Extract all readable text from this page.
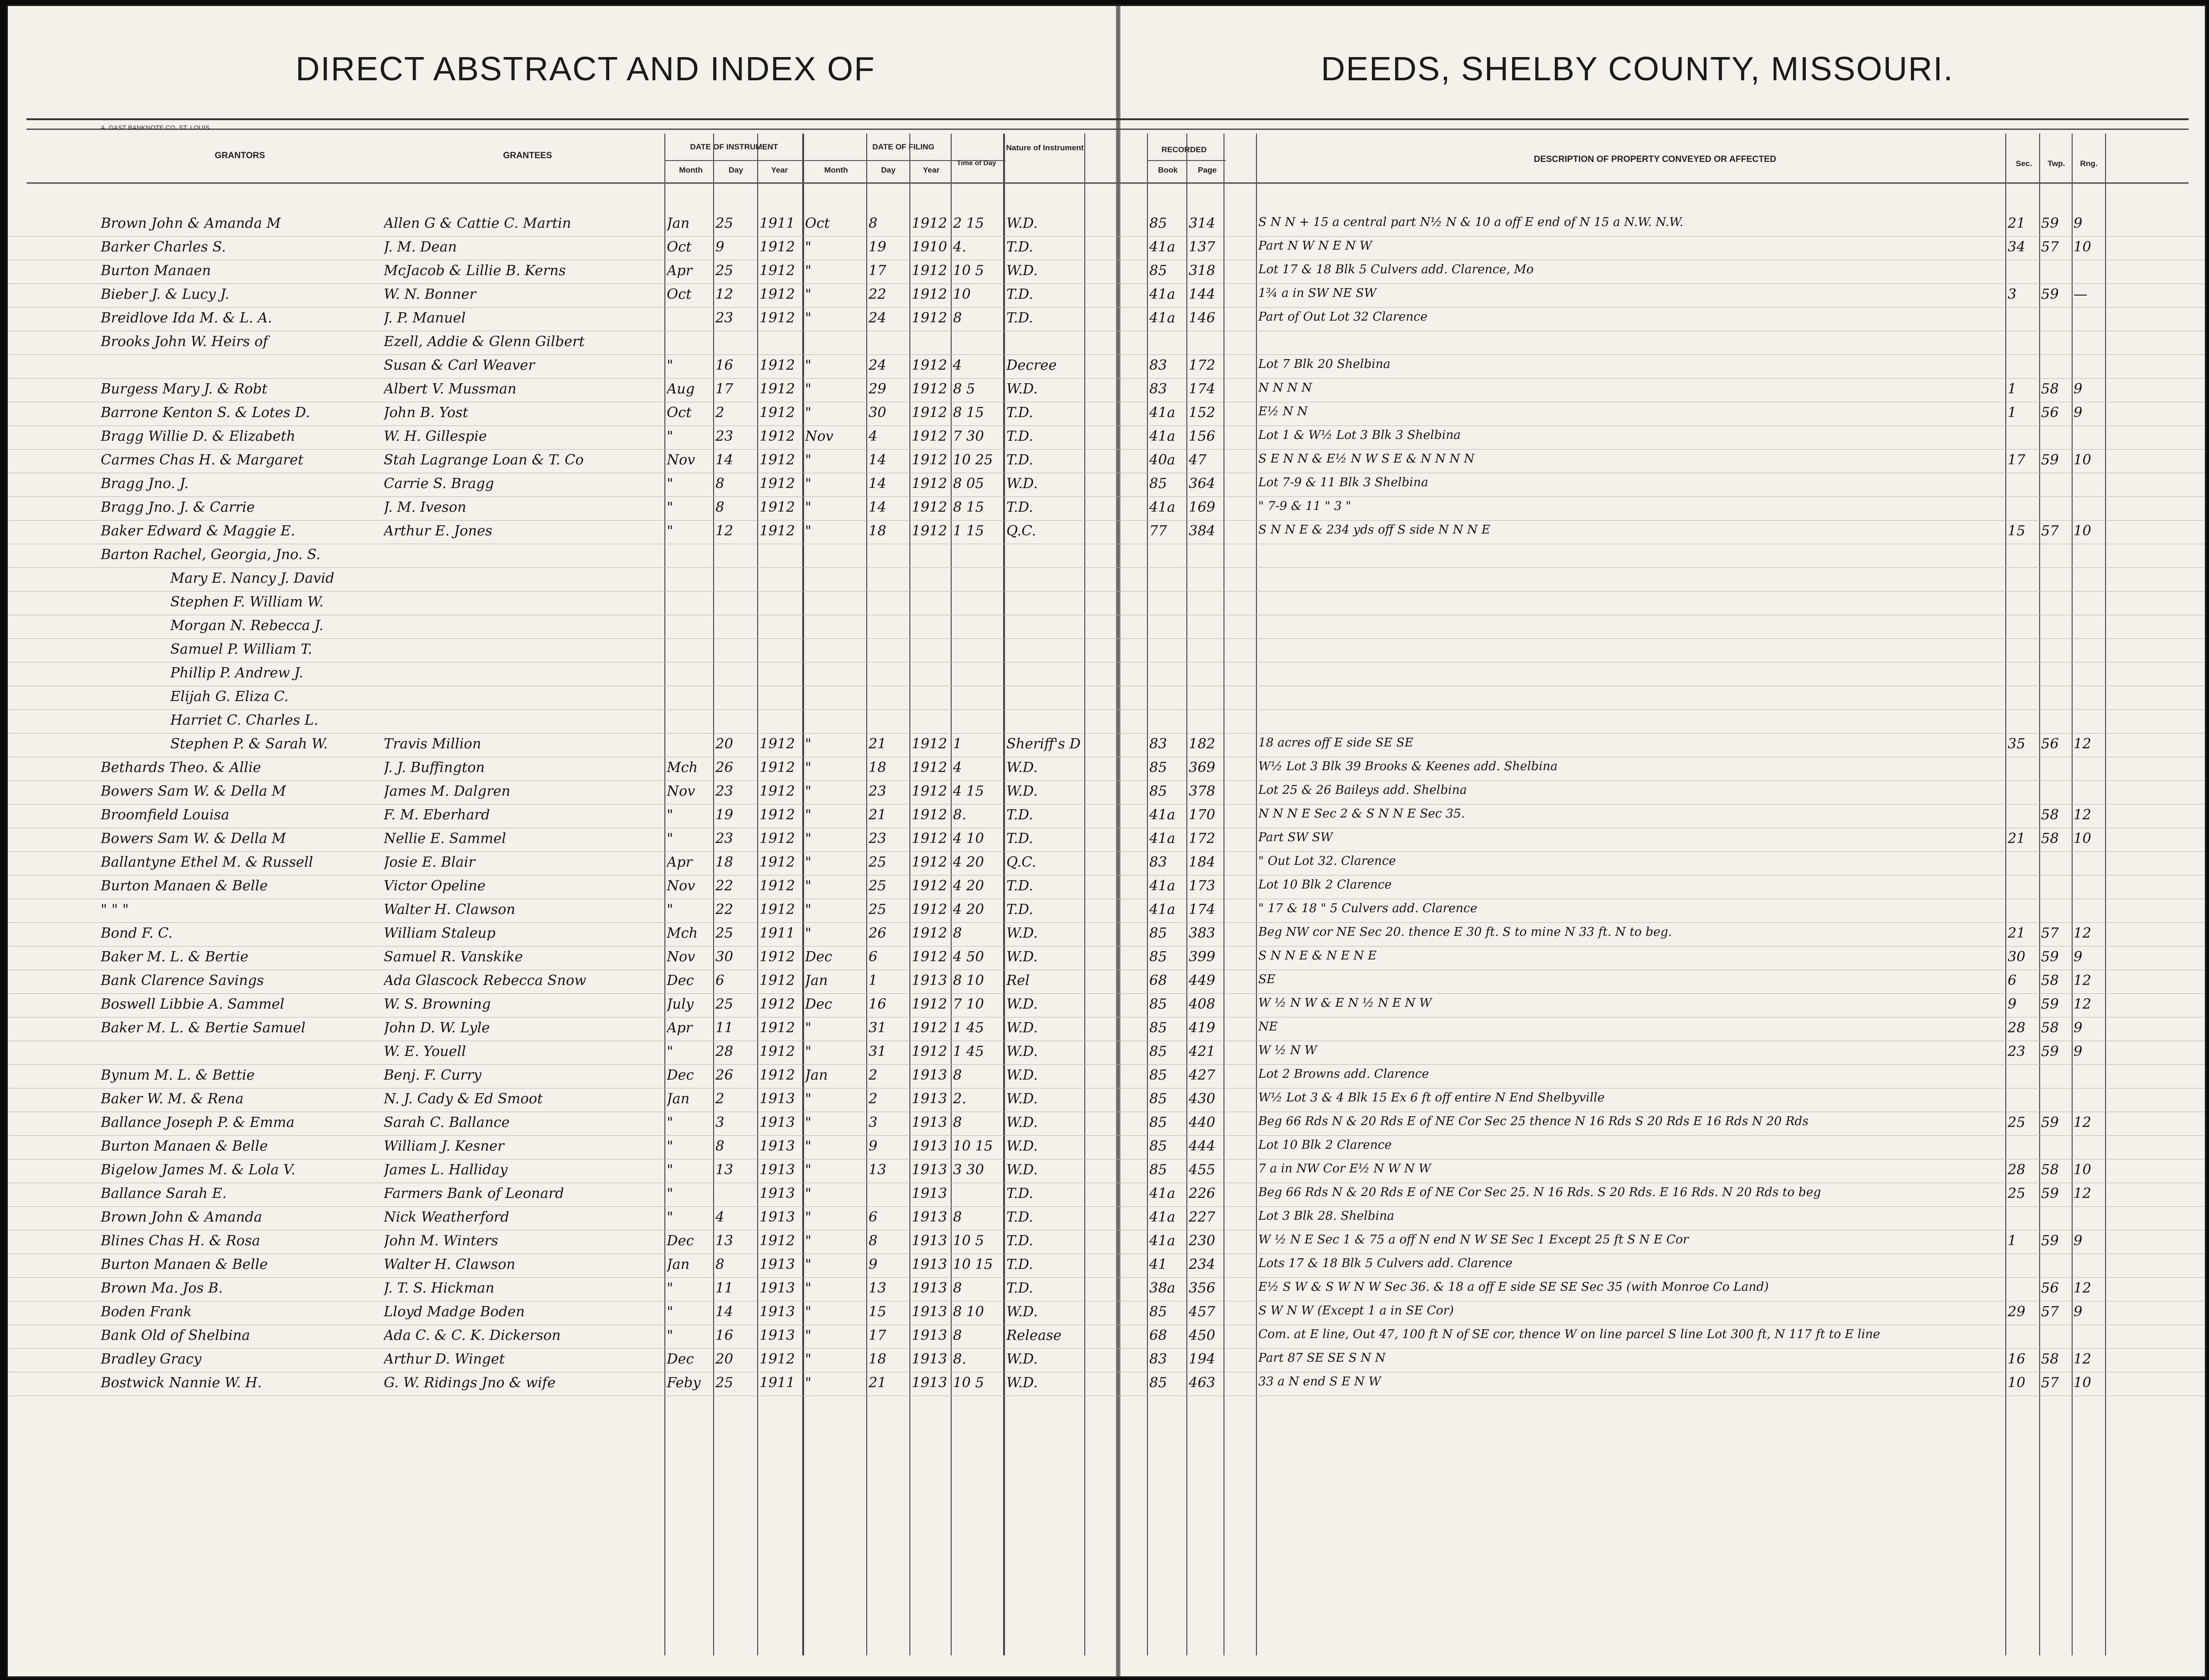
DIRECT ABSTRACT AND INDEX OF	DEEDS, SHELBY COUNTY, MISSOURI.
A. GAST BANKNOTE CO. ST. LOUIS
GRANTORS	GRANTEES
DATE OF INSTRUMENT	DATE OF FILING
Month	Day	Year	Month	Day	Year
Time of Day
Nature of Instrument	RECORDED
Book	Page
DESCRIPTION OF PROPERTY CONVEYED OR AFFECTED	Sec.	Twp.	Rng.
Brown John & Amanda M	Allen G & Cattie C. Martin	Jan	25	1911 Oct	8	1912 2 15	W.D.	85	314	S N N + 15 a central part N½ N & 10 a off E end of N 15 a N.W. N.W.	21	59	9
Barker Charles S.	J. M. Dean	Oct	9	1912 "	19	1910 4.	T.D.	41a 137	Part N W N E N W	34	57	10
Burton Manaen	McJacob & Lillie B. Kerns	Apr	25	1912 "	17	1912 10 5	W.D.	85	318	Lot 17 & 18 Blk 5 Culvers add. Clarence, Mo
Bieber J. & Lucy J.	W. N. Bonner	Oct	12	1912 "	22	1912 10	T.D.	41a 144	1¾ a in SW NE SW	3	59	—
Breidlove Ida M. & L. A.	J. P. Manuel	23	1912 "	24	1912 8	T.D.	41a 146	Part of Out Lot 32 Clarence
Brooks John W. Heirs of	Ezell, Addie & Glenn Gilbert
Susan & Carl Weaver	"	16	1912 "	24	1912 4	Decree	83	172	Lot 7 Blk 20 Shelbina
Burgess Mary J. & Robt	Albert V. Mussman	Aug	17	1912 "	29	1912 8 5	W.D.	83	174	N N N N	1	58	9
Barrone Kenton S. & Lotes D.	John B. Yost	Oct	2	1912 "	30	1912 8 15	T.D.	41a 152	E½ N N	1	56	9
Bragg Willie D. & Elizabeth	W. H. Gillespie	"	23	1912 Nov	4	1912 7 30	T.D.	41a 156	Lot 1 & W½ Lot 3 Blk 3 Shelbina
Carmes Chas H. & Margaret	Stah Lagrange Loan & T. Co	Nov	14	1912 "	14	1912 10 25 T.D.	40a 47	S E N N & E½ N W S E & N N N N	17	59	10
Bragg Jno. J.	Carrie S. Bragg	"	8	1912 "	14	1912 8 05	W.D.	85	364	Lot 7-9 & 11 Blk 3 Shelbina
Bragg Jno. J. & Carrie	J. M. Iveson	"	8	1912 "	14	1912 8 15	T.D.	41a 169	" 7-9 & 11 " 3 "
Baker Edward & Maggie E.	Arthur E. Jones	"	12	1912 "	18	1912 1 15	Q.C.	77	384	S N N E & 234 yds off S side N N N E	15	57	10
Barton Rachel, Georgia, Jno. S.
Mary E. Nancy J. David
Stephen F. William W.
Morgan N. Rebecca J.
Samuel P. William T.
Phillip P. Andrew J.
Elijah G. Eliza C.
Harriet C. Charles L.
Stephen P. & Sarah W.	Travis Million	20	1912 "	21	1912 1	Sheriff's D	83	182	18 acres off E side SE SE	35	56	12
Bethards Theo. & Allie	J. J. Buffington	Mch	26	1912 "	18	1912 4	W.D.	85	369	W½ Lot 3 Blk 39 Brooks & Keenes add. Shelbina
Bowers Sam W. & Della M	James M. Dalgren	Nov	23	1912 "	23	1912 4 15	W.D.	85	378	Lot 25 & 26 Baileys add. Shelbina
Broomfield Louisa	F. M. Eberhard	"	19	1912 "	21	1912 8.	T.D.	41a 170	N N N E Sec 2 & S N N E Sec 35.	58	12
Bowers Sam W. & Della M	Nellie E. Sammel	"	23	1912 "	23	1912 4 10	T.D.	41a 172	Part SW SW	21	58	10
Ballantyne Ethel M. & Russell	Josie E. Blair	Apr	18	1912 "	25	1912 4 20	Q.C.	83	184	" Out Lot 32. Clarence
Burton Manaen & Belle	Victor Opeline	Nov	22	1912 "	25	1912 4 20	T.D.	41a 173	Lot 10 Blk 2 Clarence
" " "	Walter H. Clawson	"	22	1912 "	25	1912 4 20	T.D.	41a 174	" 17 & 18 " 5 Culvers add. Clarence
Bond F. C.	William Staleup	Mch	25	1911 "	26	1912 8	W.D.	85	383	Beg NW cor NE Sec 20. thence E 30 ft. S to mine N 33 ft. N to beg.	21	57	12
Baker M. L. & Bertie	Samuel R. Vanskike	Nov	30	1912 Dec	6	1912 4 50	W.D.	85	399	S N N E & N E N E	30	59	9
Bank Clarence Savings	Ada Glascock Rebecca Snow	Dec	6	1912 Jan	1	1913 8 10	Rel	68	449	SE	6	58	12
Boswell Libbie A. Sammel	W. S. Browning	July	25	1912 Dec	16	1912 7 10	W.D.	85	408	W ½ N W & E N ½ N E N W	9	59	12
Baker M. L. & Bertie Samuel	John D. W. Lyle	Apr	11	1912 "	31	1912 1 45	W.D.	85	419	NE	28	58	9
W. E. Youell	"	28	1912 "	31	1912 1 45	W.D.	85	421	W ½ N W	23	59	9
Bynum M. L. & Bettie	Benj. F. Curry	Dec	26	1912 Jan	2	1913 8	W.D.	85	427	Lot 2 Browns add. Clarence
Baker W. M. & Rena	N. J. Cady & Ed Smoot	Jan	2	1913 "	2	1913 2.	W.D.	85	430	W½ Lot 3 & 4 Blk 15 Ex 6 ft off entire N End Shelbyville
Ballance Joseph P. & Emma	Sarah C. Ballance	"	3	1913 "	3	1913 8	W.D.	85	440	Beg 66 Rds N & 20 Rds E of NE Cor Sec 25 thence N 16 Rds S 20 Rds E 16 Rds N 20 Rds	25	59	12
Burton Manaen & Belle	William J. Kesner	"	8	1913 "	9	1913 10 15 W.D.	85	444	Lot 10 Blk 2 Clarence
Bigelow James M. & Lola V.	James L. Halliday	"	13	1913 "	13	1913 3 30	W.D.	85	455	7 a in NW Cor E½ N W N W	28	58	10
Ballance Sarah E.	Farmers Bank of Leonard	"	1913 "	1913	T.D.	41a 226	Beg 66 Rds N & 20 Rds E of NE Cor Sec 25. N 16 Rds. S 20 Rds. E 16 Rds. N 20 Rds to beg	25	59	12
Brown John & Amanda	Nick Weatherford	"	4	1913 "	6	1913 8	T.D.	41a 227	Lot 3 Blk 28. Shelbina
Blines Chas H. & Rosa	John M. Winters	Dec	13	1912 "	8	1913 10 5	T.D.	41a 230	W ½ N E Sec 1 & 75 a off N end N W SE Sec 1 Except 25 ft S N E Cor	1	59	9
Burton Manaen & Belle	Walter H. Clawson	Jan	8	1913 "	9	1913 10 15 T.D.	41	234	Lots 17 & 18 Blk 5 Culvers add. Clarence
Brown Ma. Jos B.	J. T. S. Hickman	"	11	1913 "	13	1913 8	T.D.	38a 356	E½ S W & S W N W Sec 36. & 18 a off E side SE SE Sec 35 (with Monroe Co Land)	56	12
Boden Frank	Lloyd Madge Boden	"	14	1913 "	15	1913 8 10	W.D.	85	457	S W N W (Except 1 a in SE Cor)	29	57	9
Bank Old of Shelbina	Ada C. & C. K. Dickerson	"	16	1913 "	17	1913 8	Release	68	450	Com. at E line, Out 47, 100 ft N of SE cor, thence W on line parcel S line Lot 300 ft, N 117 ft to E line
Bradley Gracy	Arthur D. Winget	Dec	20	1912 "	18	1913 8.	W.D.	83	194	Part 87 SE SE S N N	16	58	12
Bostwick Nannie W. H.	G. W. Ridings Jno & wife	Feby	25	1911 "	21	1913 10 5	W.D.	85	463	33 a N end S E N W	10	57	10
